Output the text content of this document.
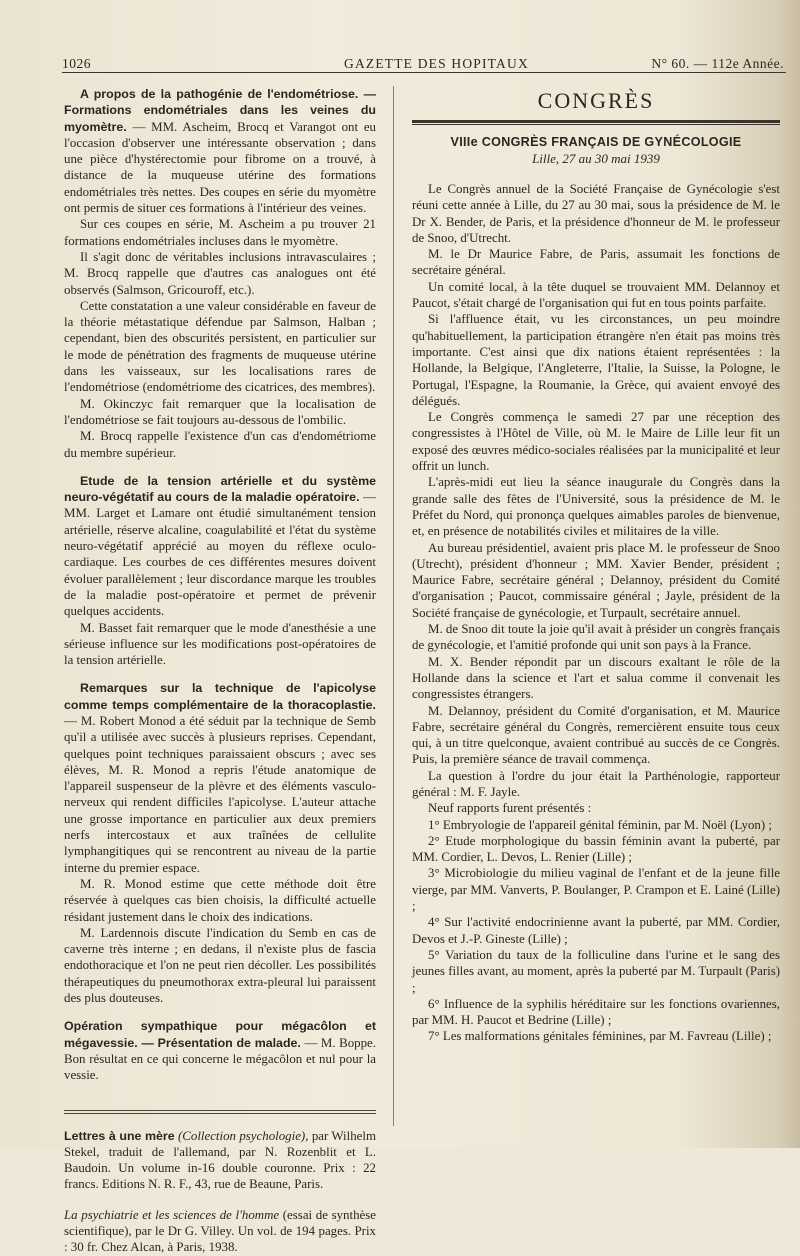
1026	GAZETTE DES HOPITAUX	N° 60. — 112e Année.

A propos de la pathogénie de l'endométriose. — Formations endométriales dans les veines du myomètre. — MM. Ascheim, Brocq et Varangot ont eu l'occasion d'observer une intéressante observation ; dans une pièce d'hystérectomie pour fibrome on a trouvé, à distance de la muqueuse utérine des formations endométriales très nettes. Des coupes en série du myomètre ont permis de situer ces formations à l'intérieur des veines.

Sur ces coupes en série, M. Ascheim a pu trouver 21 formations endométriales incluses dans le myomètre.

Il s'agit donc de véritables inclusions intravasculaires ; M. Brocq rappelle que d'autres cas analogues ont été observés (Salmson, Gricouroff, etc.).

Cette constatation a une valeur considérable en faveur de la théorie métastatique défendue par Salmson, Halban ; cependant, bien des obscurités persistent, en particulier sur le mode de pénétration des fragments de muqueuse utérine dans les vaisseaux, sur les localisations rares de l'endométriose (endométriome des cicatrices, des membres).

M. Okinczyc fait remarquer que la localisation de l'endométriose se fait toujours au-dessous de l'ombilic.

M. Brocq rappelle l'existence d'un cas d'endométriome du membre supérieur.

Etude de la tension artérielle et du système neuro-végétatif au cours de la maladie opératoire. — MM. Larget et Lamare ont étudié simultanément tension artérielle, réserve alcaline, coagulabilité et l'état du système neuro-végétatif apprécié au moyen du réflexe oculo-cardiaque. Les courbes de ces différentes mesures doivent évoluer parallèlement ; leur discordance marque les troubles de la maladie post-opératoire et permet de prévenir quelques accidents.

M. Basset fait remarquer que le mode d'anesthésie a une sérieuse influence sur les modifications post-opératoires de la tension artérielle.

Remarques sur la technique de l'apicolyse comme temps complémentaire de la thoracoplastie. — M. Robert Monod a été séduit par la technique de Semb qu'il a utilisée avec succès à plusieurs reprises. Cependant, quelques point techniques paraissaient obscurs ; avec ses élèves, M. R. Monod a repris l'étude anatomique de l'appareil suspenseur de la plèvre et des éléments vasculo-nerveux qui rendent difficiles l'apicolyse. L'auteur attache une grosse importance en particulier aux deux premiers nerfs intercostaux et aux traînées de cellulite lymphangitiques qui se rencontrent au niveau de la partie interne du premier espace.

M. R. Monod estime que cette méthode doit être réservée à quelques cas bien choisis, la difficulté actuelle résidant justement dans le choix des indications.

M. Lardennois discute l'indication du Semb en cas de caverne très interne ; en dedans, il n'existe plus de fascia endothoracique et l'on ne peut rien décoller. Les possibilités thérapeutiques du pneumothorax extra-pleural lui paraissent des plus douteuses.

Opération sympathique pour mégacôlon et mégavessie. — Présentation de malade. — M. Boppe. Bon résultat en ce qui concerne le mégacôlon et nul pour la vessie.

Lettres à une mère (Collection psychologie), par Wilhelm Stekel, traduit de l'allemand, par N. Rozenblit et L. Baudoin. Un volume in-16 double couronne. Prix : 22 francs. Editions N. R. F., 43, rue de Beaune, Paris.

La psychiatrie et les sciences de l'homme (essai de synthèse scientifique), par le Dr G. Villey. Un vol. de 194 pages. Prix : 30 fr. Chez Alcan, à Paris, 1938.

CONGRÈS
VIIIe CONGRÈS FRANÇAIS DE GYNÉCOLOGIE
Lille, 27 au 30 mai 1939

Le Congrès annuel de la Société Française de Gynécologie s'est réuni cette année à Lille, du 27 au 30 mai, sous la présidence de M. le Dr X. Bender, de Paris, et la présidence d'honneur de M. le professeur de Snoo, d'Utrecht.

M. le Dr Maurice Fabre, de Paris, assumait les fonctions de secrétaire général.

Un comité local, à la tête duquel se trouvaient MM. Delannoy et Paucot, s'était chargé de l'organisation qui fut en tous points parfaite.

Si l'affluence était, vu les circonstances, un peu moindre qu'habituellement, la participation étrangère n'en était pas moins très importante. C'est ainsi que dix nations étaient représentées : la Hollande, la Belgique, l'Angleterre, l'Italie, la Suisse, la Pologne, le Portugal, l'Espagne, la Roumanie, la Grèce, qui avaient envoyé des délégués.

Le Congrès commença le samedi 27 par une réception des congressistes à l'Hôtel de Ville, où M. le Maire de Lille leur fit un exposé des œuvres médico-sociales réalisées par la municipalité et leur offrit un lunch.

L'après-midi eut lieu la séance inaugurale du Congrès dans la grande salle des fêtes de l'Université, sous la présidence de M. le Préfet du Nord, qui prononça quelques aimables paroles de bienvenue, et, en présence de notabilités civiles et militaires de la ville.

Au bureau présidentiel, avaient pris place M. le professeur de Snoo (Utrecht), président d'honneur ; MM. Xavier Bender, président ; Maurice Fabre, secrétaire général ; Delannoy, président du Comité d'organisation ; Paucot, commissaire général ; Jayle, président de la Société française de gynécologie, et Turpault, secrétaire annuel.

M. de Snoo dit toute la joie qu'il avait à présider un congrès français de gynécologie, et l'amitié profonde qui unit son pays à la France.

M. X. Bender répondit par un discours exaltant le rôle de la Hollande dans la science et l'art et salua comme il convenait les congressistes étrangers.

M. Delannoy, président du Comité d'organisation, et M. Maurice Fabre, secrétaire général du Congrès, remercièrent ensuite tous ceux qui, à un titre quelconque, avaient contribué au succès de ce Congrès. Puis, la première séance de travail commença.

La question à l'ordre du jour était la Parthénologie, rapporteur général : M. F. Jayle.

Neuf rapports furent présentés :

1° Embryologie de l'appareil génital féminin, par M. Noël (Lyon) ;

2° Etude morphologique du bassin féminin avant la puberté, par MM. Cordier, L. Devos, L. Renier (Lille) ;

3° Microbiologie du milieu vaginal de l'enfant et de la jeune fille vierge, par MM. Vanverts, P. Boulanger, P. Crampon et E. Lainé (Lille) ;

4° Sur l'activité endocrinienne avant la puberté, par MM. Cordier, Devos et J.-P. Gineste (Lille) ;

5° Variation du taux de la folliculine dans l'urine et le sang des jeunes filles avant, au moment, après la puberté par M. Turpault (Paris) ;

6° Influence de la syphilis héréditaire sur les fonctions ovariennes, par MM. H. Paucot et Bedrine (Lille) ;

7° Les malformations génitales féminines, par M. Favreau (Lille) ;
